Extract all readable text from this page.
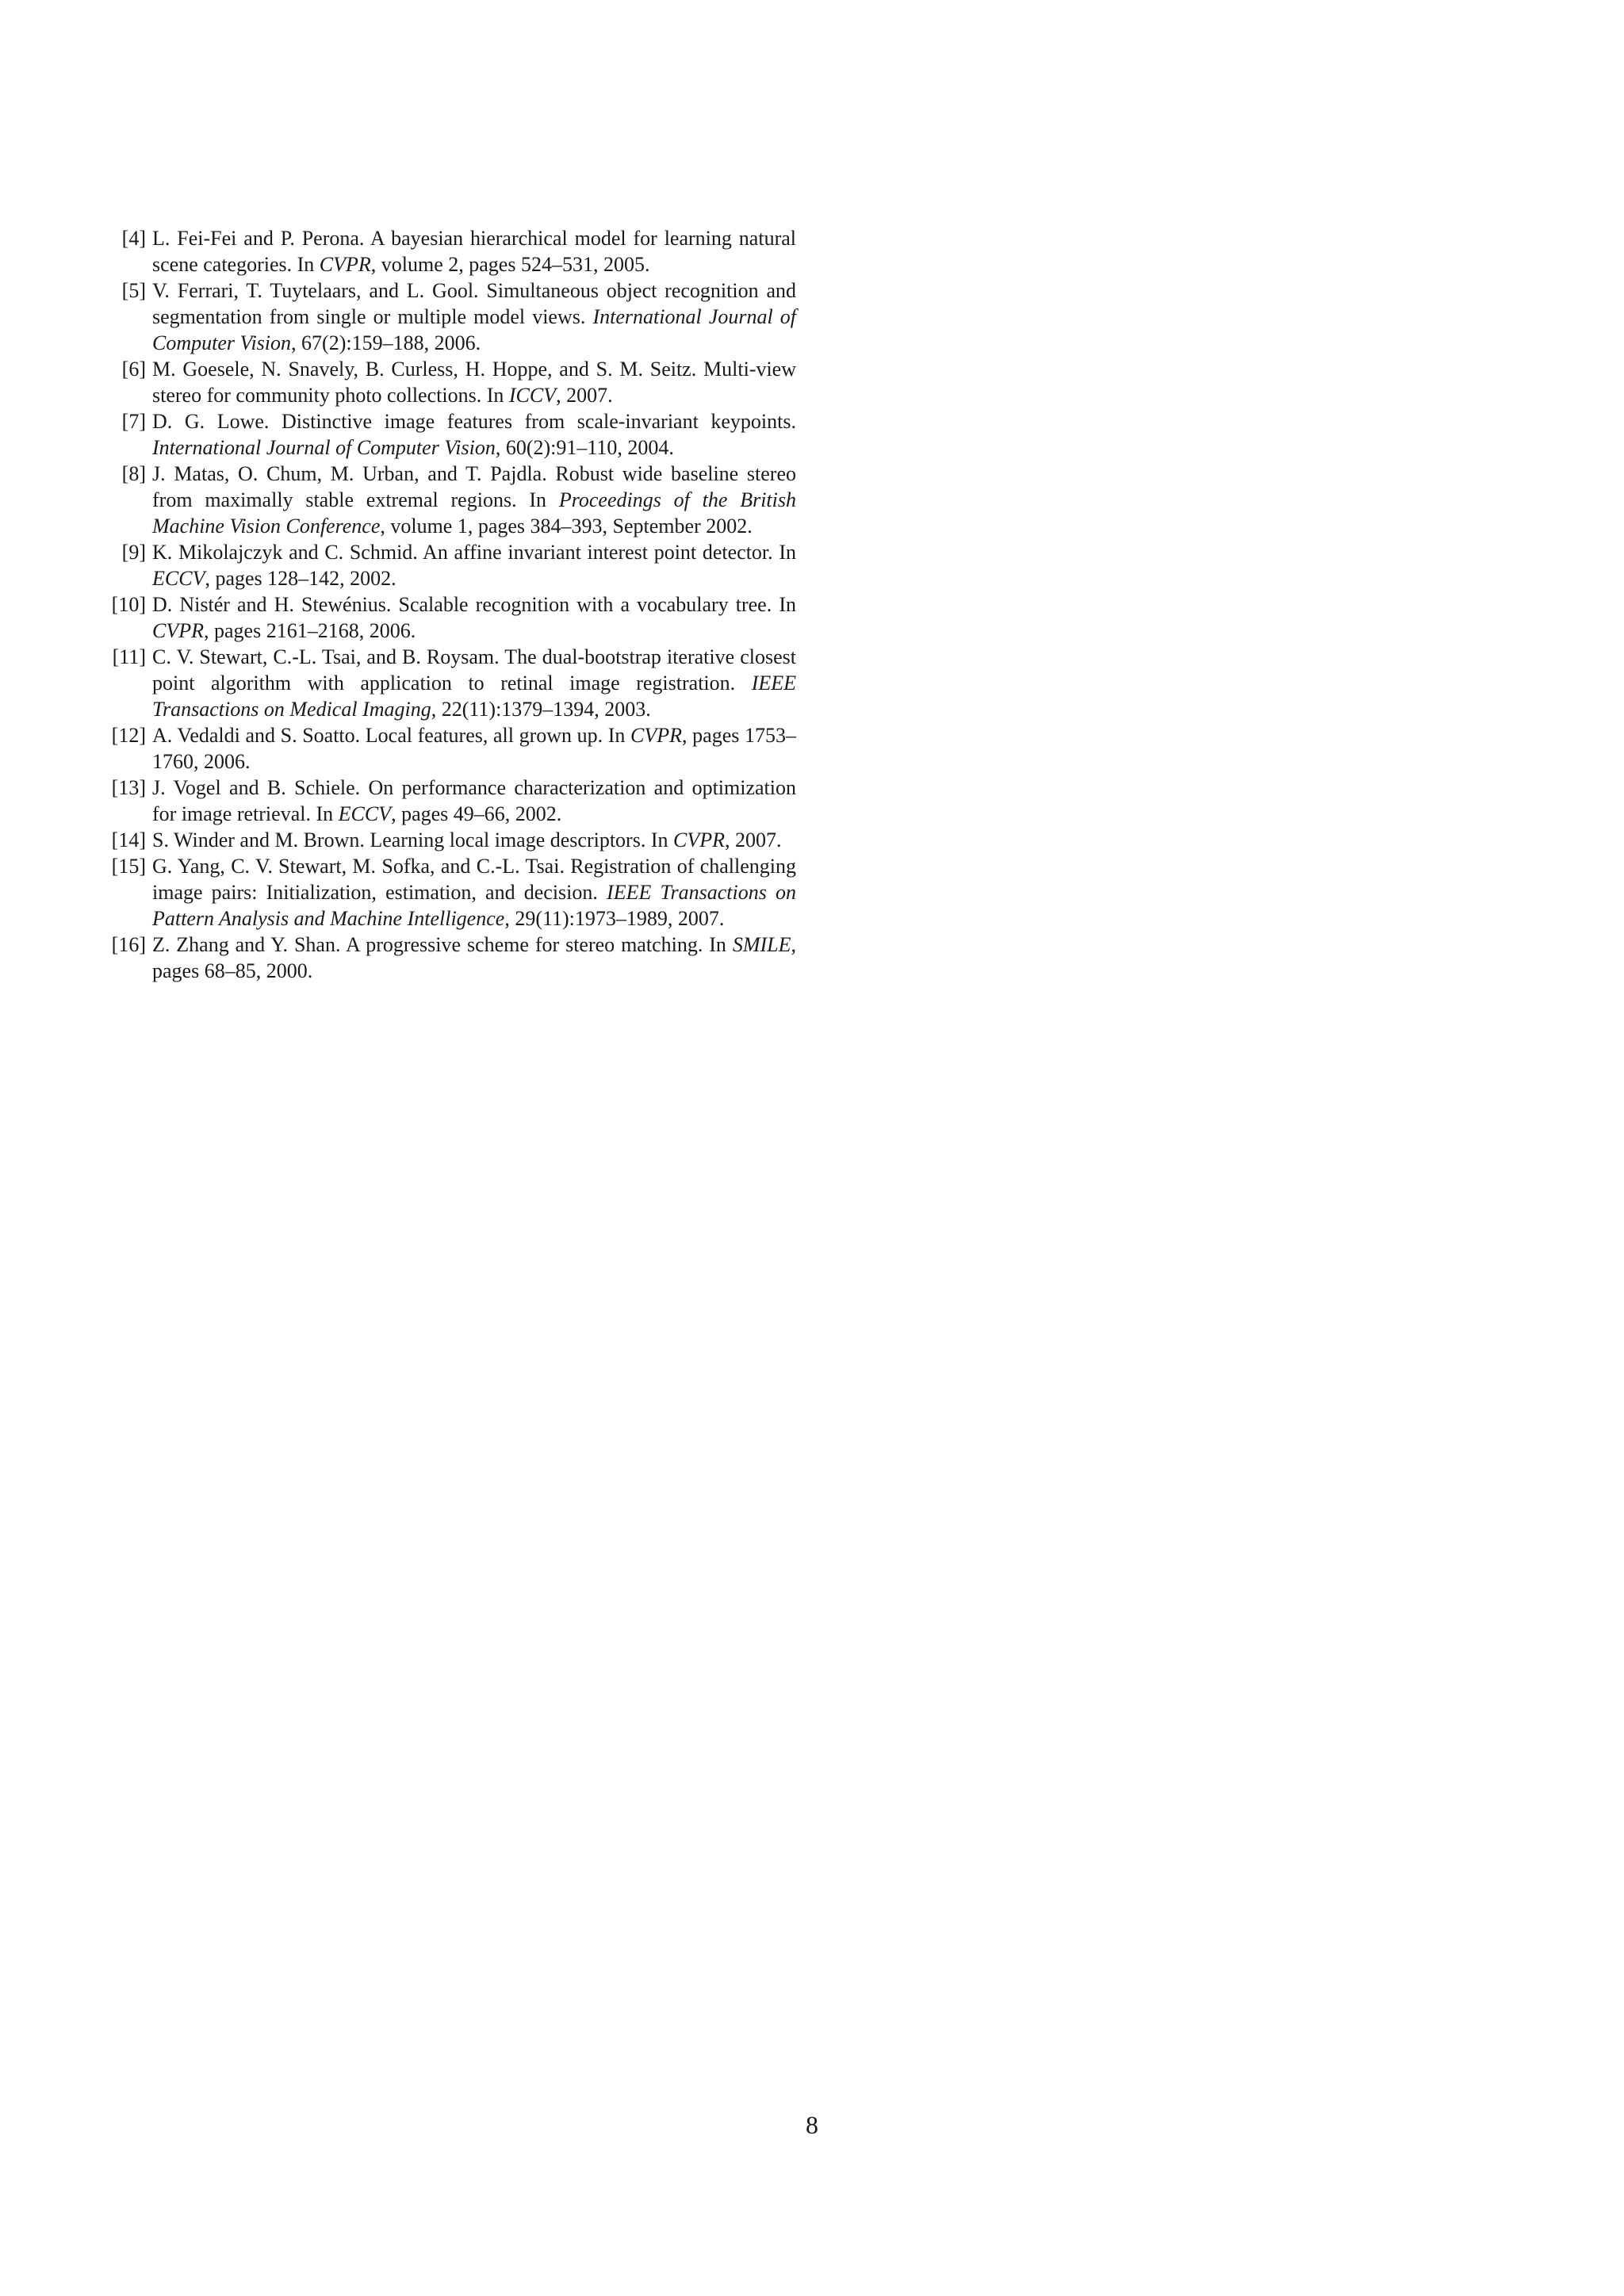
[4] L. Fei-Fei and P. Perona. A bayesian hierarchical model for learning natural scene categories. In CVPR, volume 2, pages 524–531, 2005.
[5] V. Ferrari, T. Tuytelaars, and L. Gool. Simultaneous object recognition and segmentation from single or multiple model views. International Journal of Computer Vision, 67(2):159–188, 2006.
[6] M. Goesele, N. Snavely, B. Curless, H. Hoppe, and S. M. Seitz. Multi-view stereo for community photo collections. In ICCV, 2007.
[7] D. G. Lowe. Distinctive image features from scale-invariant keypoints. International Journal of Computer Vision, 60(2):91–110, 2004.
[8] J. Matas, O. Chum, M. Urban, and T. Pajdla. Robust wide baseline stereo from maximally stable extremal regions. In Proceedings of the British Machine Vision Conference, volume 1, pages 384–393, September 2002.
[9] K. Mikolajczyk and C. Schmid. An affine invariant interest point detector. In ECCV, pages 128–142, 2002.
[10] D. Nistér and H. Stewénius. Scalable recognition with a vocabulary tree. In CVPR, pages 2161–2168, 2006.
[11] C. V. Stewart, C.-L. Tsai, and B. Roysam. The dual-bootstrap iterative closest point algorithm with application to retinal image registration. IEEE Transactions on Medical Imaging, 22(11):1379–1394, 2003.
[12] A. Vedaldi and S. Soatto. Local features, all grown up. In CVPR, pages 1753–1760, 2006.
[13] J. Vogel and B. Schiele. On performance characterization and optimization for image retrieval. In ECCV, pages 49–66, 2002.
[14] S. Winder and M. Brown. Learning local image descriptors. In CVPR, 2007.
[15] G. Yang, C. V. Stewart, M. Sofka, and C.-L. Tsai. Registration of challenging image pairs: Initialization, estimation, and decision. IEEE Transactions on Pattern Analysis and Machine Intelligence, 29(11):1973–1989, 2007.
[16] Z. Zhang and Y. Shan. A progressive scheme for stereo matching. In SMILE, pages 68–85, 2000.
8
